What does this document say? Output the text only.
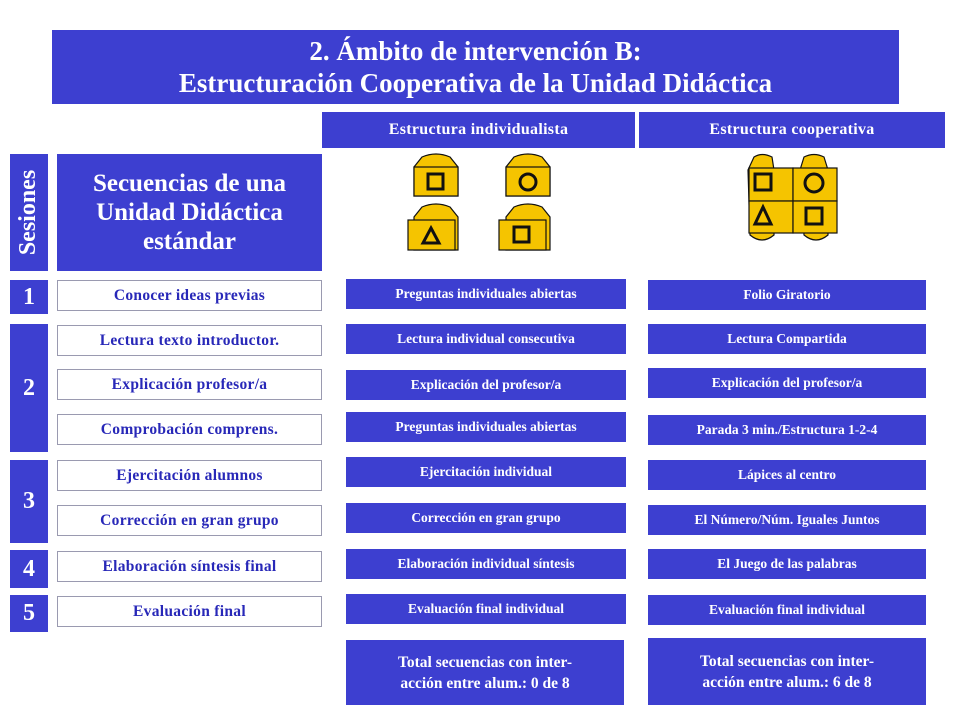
2. Ámbito de intervención B:
Estructuración Cooperativa de la Unidad Didáctica
Estructura individualista	Estructura cooperativa
Sesiones	Secuencias de una Unidad Didáctica estándar
1
2
3
4
5
Conocer ideas previas
Lectura texto introductor.
Explicación profesor/a
Comprobación comprens.
Ejercitación alumnos
Corrección en gran grupo
Elaboración síntesis final
Evaluación final
Preguntas individuales abiertas
Lectura individual consecutiva
Explicación del profesor/a
Preguntas individuales abiertas
Ejercitación individual
Corrección en gran grupo
Elaboración individual síntesis
Evaluación final individual
Folio Giratorio
Lectura Compartida
Explicación del profesor/a
Parada 3 min./Estructura 1-2-4
Lápices al centro
El Número/Núm. Iguales Juntos
El Juego de las palabras
Evaluación final individual
Total secuencias con inter-
acción entre alum.: 0 de 8
Total secuencias con inter-
acción entre alum.: 6 de 8
